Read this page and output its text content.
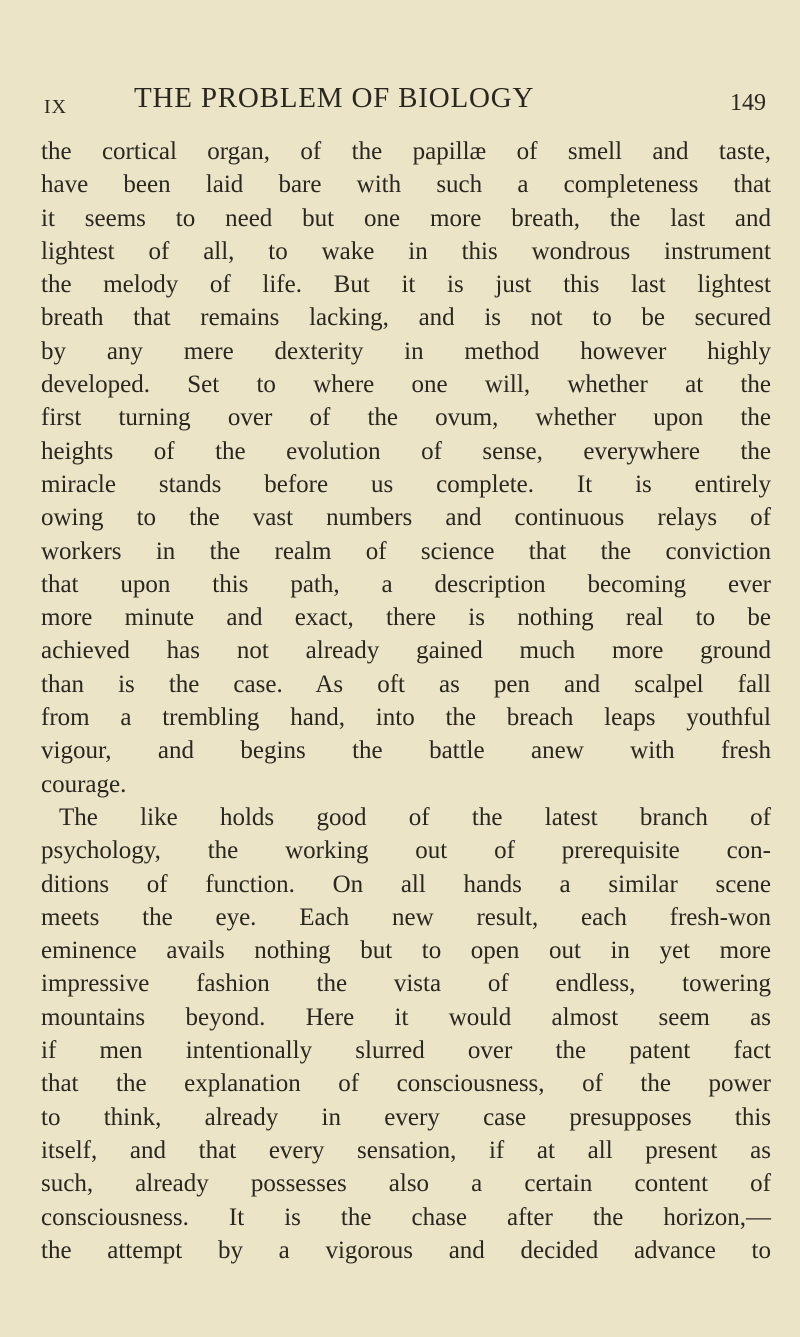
IX THE PROBLEM OF BIOLOGY	149
the cortical organ, of the papillæ of smell and taste,
have been laid bare with such a completeness that
it seems to need but one more breath, the last and
lightest of all, to wake in this wondrous instrument
the melody of life. But it is just this last lightest
breath that remains lacking, and is not to be secured
by any mere dexterity in method however highly
developed. Set to where one will, whether at the
first turning over of the ovum, whether upon the
heights of the evolution of sense, everywhere the
miracle stands before us complete. It is entirely
owing to the vast numbers and continuous relays of
workers in the realm of science that the conviction
that upon this path, a description becoming ever
more minute and exact, there is nothing real to be
achieved has not already gained much more ground
than is the case. As oft as pen and scalpel fall
from a trembling hand, into the breach leaps youthful
vigour, and begins the battle anew with fresh
courage.
The like holds good of the latest branch of
psychology, the working out of prerequisite con-
ditions of function. On all hands a similar scene
meets the eye. Each new result, each fresh-won
eminence avails nothing but to open out in yet more
impressive fashion the vista of endless, towering
mountains beyond. Here it would almost seem as
if men intentionally slurred over the patent fact
that the explanation of consciousness, of the power
to think, already in every case presupposes this
itself, and that every sensation, if at all present as
such, already possesses also a certain content of
consciousness. It is the chase after the horizon,—
the attempt by a vigorous and decided advance to
